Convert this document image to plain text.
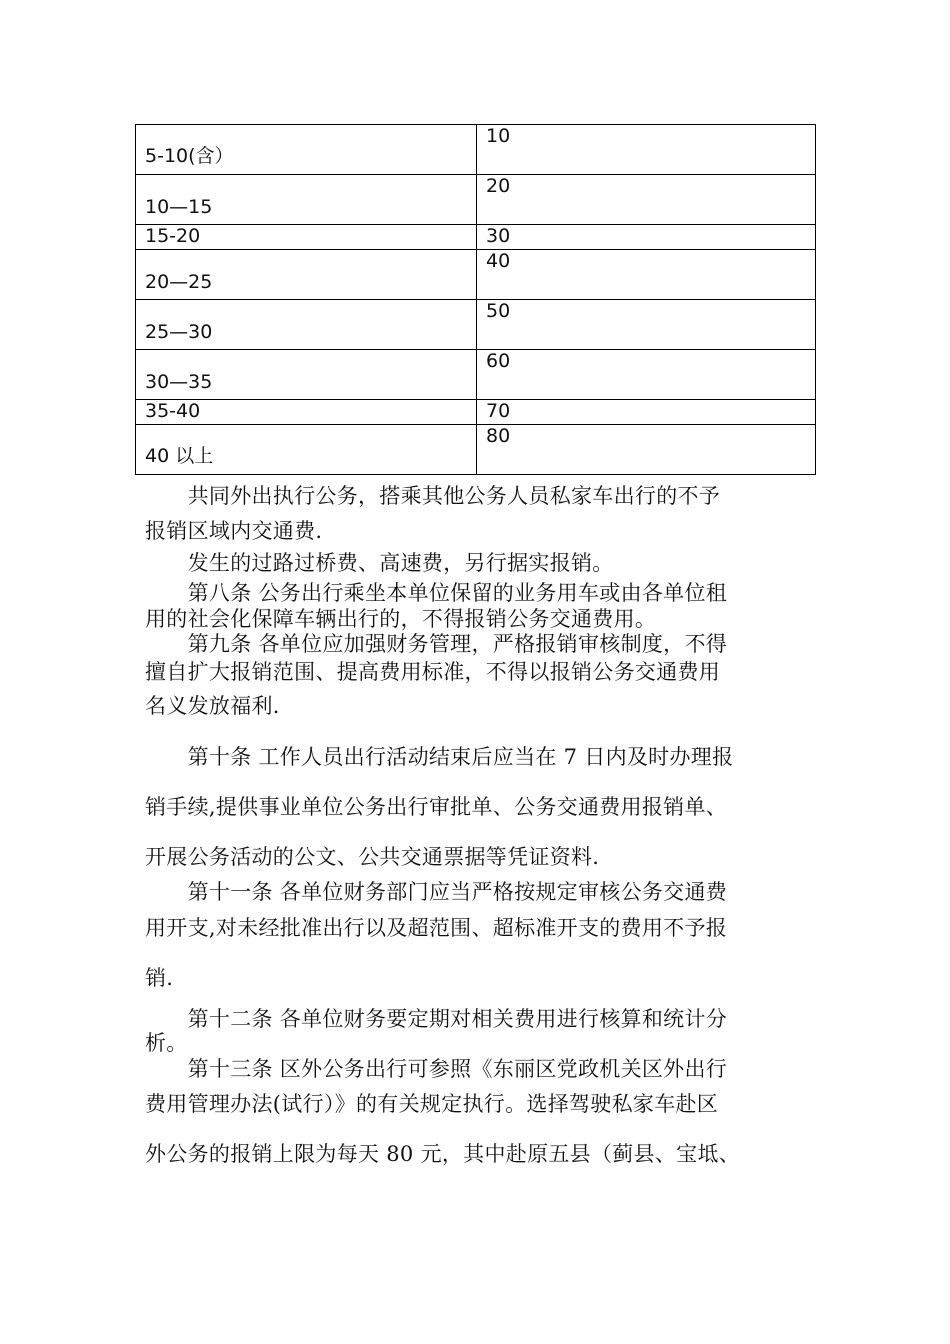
5-10(含）	10

10—15	20

15-20	30

20—25	40

25—30	50

30—35	60

35-40	70

40 以上	80
　　共同外出执行公务，搭乘其他公务人员私家车出行的不予
报销区域内交通费.
　　发生的过路过桥费、高速费，另行据实报销。
　　第八条 公务出行乘坐本单位保留的业务用车或由各单位租
用的社会化保障车辆出行的，不得报销公务交通费用。
　　第九条 各单位应加强财务管理，严格报销审核制度，不得
擅自扩大报销范围、提高费用标准，不得以报销公务交通费用
名义发放福利.
　　第十条 工作人员出行活动结束后应当在 7 日内及时办理报
销手续,提供事业单位公务出行审批单、公务交通费用报销单、
开展公务活动的公文、公共交通票据等凭证资料.
　　第十一条 各单位财务部门应当严格按规定审核公务交通费
用开支,对未经批准出行以及超范围、超标准开支的费用不予报
销.
　　第十二条 各单位财务要定期对相关费用进行核算和统计分
析。
　　第十三条 区外公务出行可参照《东丽区党政机关区外出行
费用管理办法(试行）》的有关规定执行。选择驾驶私家车赴区
外公务的报销上限为每天 80 元，其中赴原五县（蓟县、宝坻、
